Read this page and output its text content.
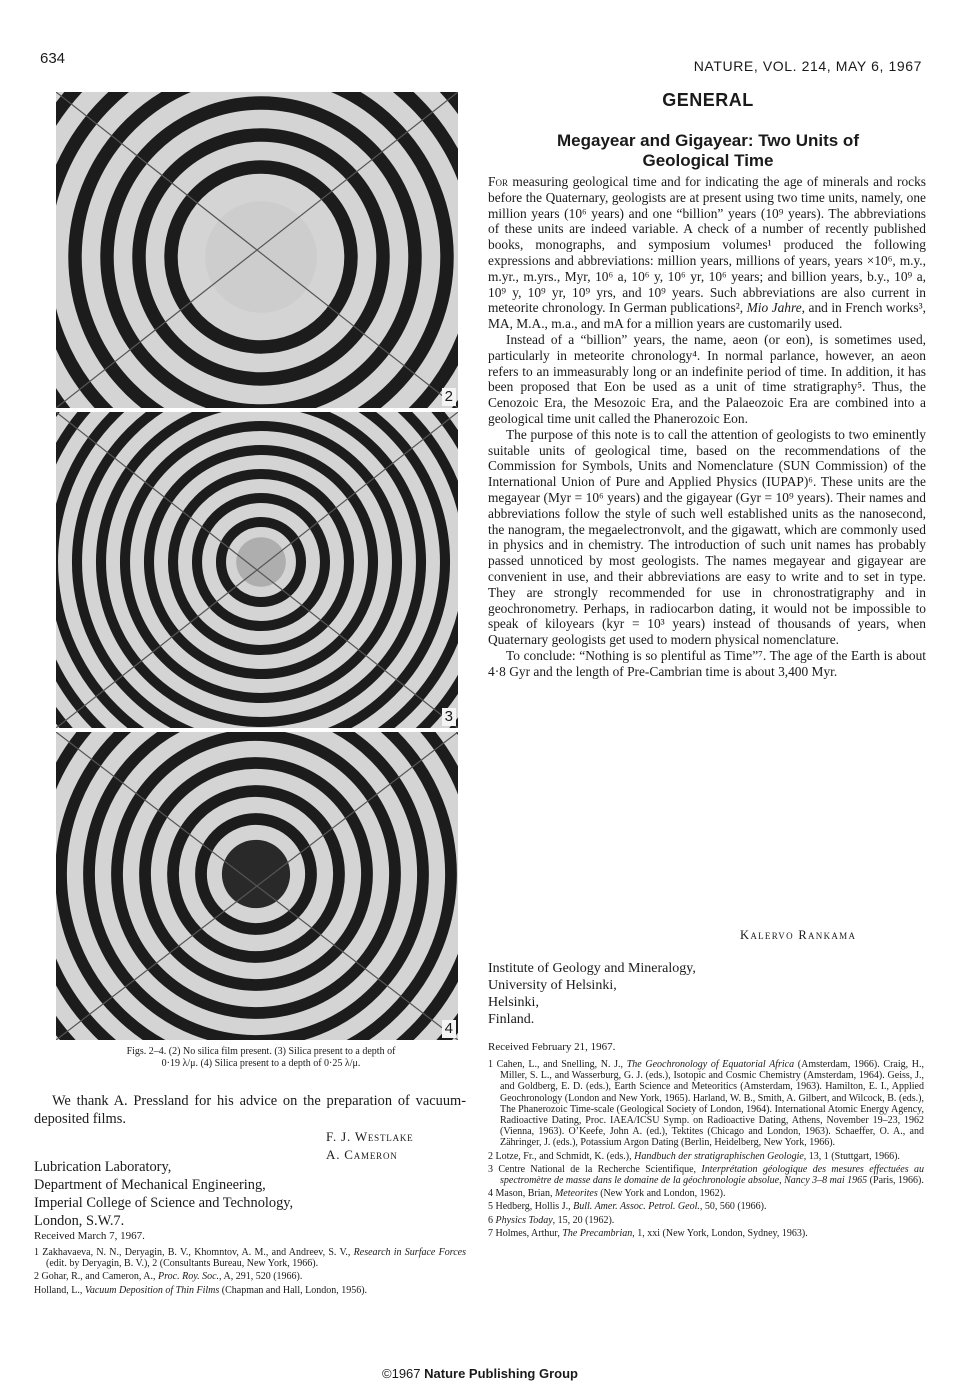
634	NATURE, VOL. 214, MAY 6, 1967
2
3
4
Figs. 2–4. (2) No silica film present. (3) Silica present to a depth of
0·19 λ/μ. (4) Silica present to a depth of 0·25 λ/μ.

We thank A. Pressland for his advice on the preparation of vacuum-deposited films.

F. J. Westlake
A. Cameron
Lubrication Laboratory,
Department of Mechanical Engineering,
Imperial College of Science and Technology,
London, S.W.7.
Received March 7, 1967.
1 Zakhavaeva, N. N., Deryagin, B. V., Khomntov, A. M., and Andreev, S. V., Research in Surface Forces (edit. by Deryagin, B. V.), 2 (Consultants Bureau, New York, 1966).
2 Gohar, R., and Cameron, A., Proc. Roy. Soc., A, 291, 520 (1966).
Holland, L., Vacuum Deposition of Thin Films (Chapman and Hall, London, 1956).
GENERAL
Megayear and Gigayear: Two Units of
Geological Time

For measuring geological time and for indicating the age of minerals and rocks before the Quaternary, geologists are at present using two time units, namely, one million years (10⁶ years) and one “billion” years (10⁹ years). The abbreviations of these units are indeed variable. A check of a number of recently published books, monographs, and symposium volumes¹ produced the following expressions and abbreviations: million years, millions of years, years ×10⁶, m.y., m.yr., m.yrs., Myr, 10⁶ a, 10⁶ y, 10⁶ yr, 10⁶ years; and billion years, b.y., 10⁹ a, 10⁹ y, 10⁹ yr, 10⁹ yrs, and 10⁹ years. Such abbreviations are also current in meteorite chronology. In German publications², Mio Jahre, and in French works³, MA, M.A., m.a., and mA for a million years are customarily used.

Instead of a “billion” years, the name, aeon (or eon), is sometimes used, particularly in meteorite chronology⁴. In normal parlance, however, an aeon refers to an immeasurably long or an indefinite period of time. In addition, it has been proposed that Eon be used as a unit of time stratigraphy⁵. Thus, the Cenozoic Era, the Mesozoic Era, and the Palaeozoic Era are combined into a geological time unit called the Phanerozoic Eon.

The purpose of this note is to call the attention of geologists to two eminently suitable units of geological time, based on the recommendations of the Commission for Symbols, Units and Nomenclature (SUN Commission) of the International Union of Pure and Applied Physics (IUPAP)⁶. These units are the megayear (Myr = 10⁶ years) and the gigayear (Gyr = 10⁹ years). Their names and abbreviations follow the style of such well established units as the nanosecond, the nanogram, the megaelectronvolt, and the gigawatt, which are commonly used in physics and in chemistry. The introduction of such unit names has probably passed unnoticed by most geologists. The names megayear and gigayear are convenient in use, and their abbreviations are easy to write and to set in type. They are strongly recommended for use in chronostratigraphy and in geochronometry. Perhaps, in radiocarbon dating, it would not be impossible to speak of kiloyears (kyr = 10³ years) instead of thousands of years, when Quaternary geologists get used to modern physical nomenclature.

To conclude: “Nothing is so plentiful as Time”⁷. The age of the Earth is about 4·8 Gyr and the length of Pre-Cambrian time is about 3,400 Myr.

Kalervo Rankama
Institute of Geology and Mineralogy,
University of Helsinki,
Helsinki,
Finland.
Received February 21, 1967.
1 Cahen, L., and Snelling, N. J., The Geochronology of Equatorial Africa (Amsterdam, 1966). Craig, H., Miller, S. L., and Wasserburg, G. J. (eds.), Isotopic and Cosmic Chemistry (Amsterdam, 1964). Geiss, J., and Goldberg, E. D. (eds.), Earth Science and Meteoritics (Amsterdam, 1963). Hamilton, E. I., Applied Geochronology (London and New York, 1965). Harland, W. B., Smith, A. Gilbert, and Wilcock, B. (eds.), The Phanerozoic Time-scale (Geological Society of London, 1964). International Atomic Energy Agency, Radioactive Dating, Proc. IAEA/ICSU Symp. on Radioactive Dating, Athens, November 19–23, 1962 (Vienna, 1963). O’Keefe, John A. (ed.), Tektites (Chicago and London, 1963). Schaeffer, O. A., and Zähringer, J. (eds.), Potassium Argon Dating (Berlin, Heidelberg, New York, 1966).
2 Lotze, Fr., and Schmidt, K. (eds.), Handbuch der stratigraphischen Geologie, 13, 1 (Stuttgart, 1966).
3 Centre National de la Recherche Scientifique, Interprétation géologique des mesures effectuées au spectromètre de masse dans le domaine de la géochronologie absolue, Nancy 3–8 mai 1965 (Paris, 1966).
4 Mason, Brian, Meteorites (New York and London, 1962).
5 Hedberg, Hollis J., Bull. Amer. Assoc. Petrol. Geol., 50, 560 (1966).
6 Physics Today, 15, 20 (1962).
7 Holmes, Arthur, The Precambrian, 1, xxi (New York, London, Sydney, 1963).
©1967 Nature Publishing Group
